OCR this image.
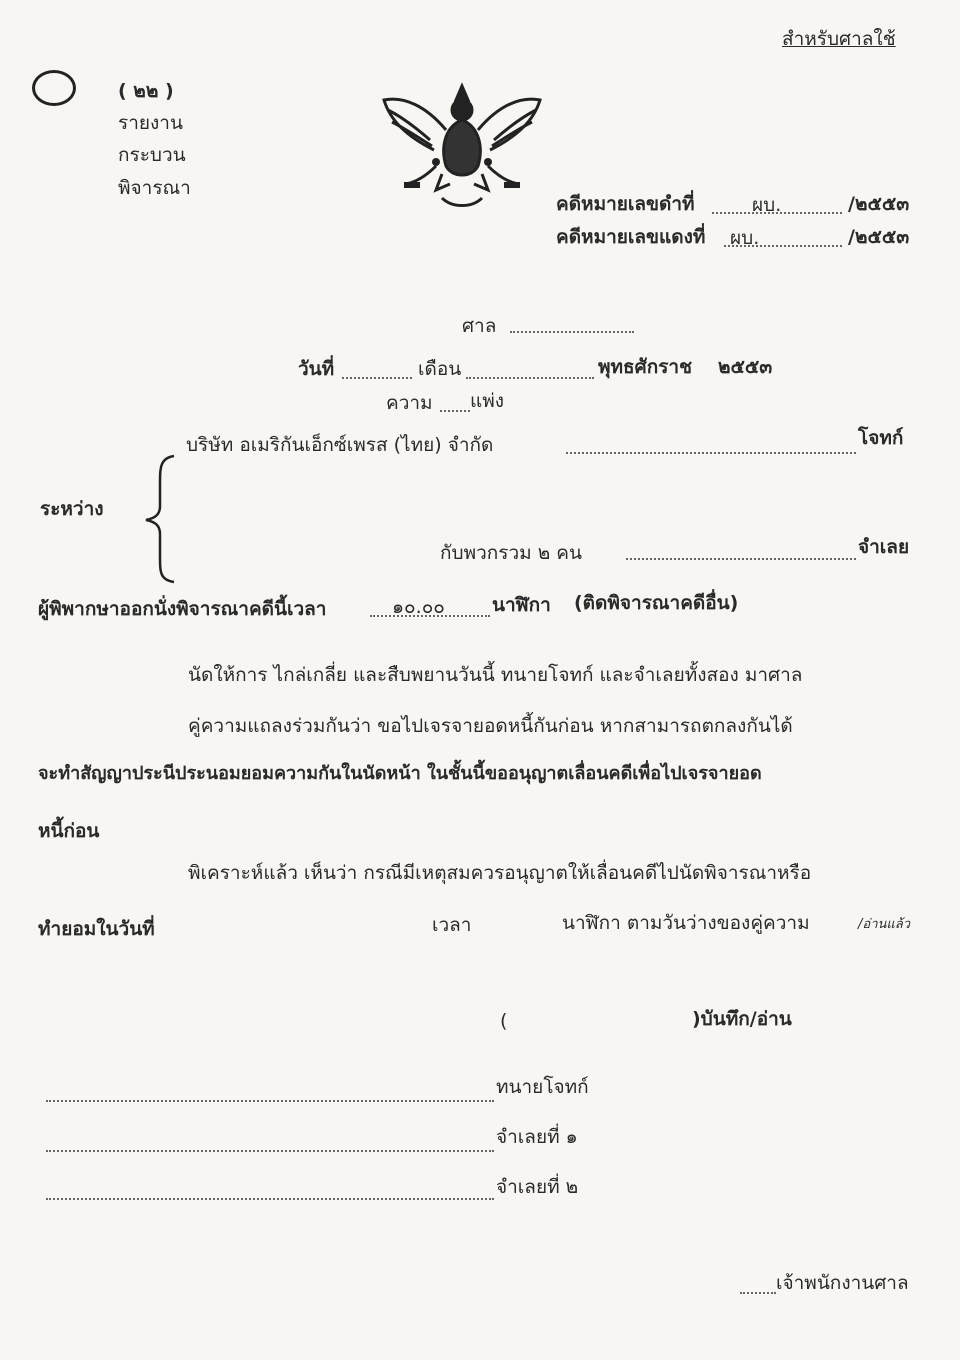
สำหรับศาลใช้
( ๒๒ )
รายงาน
กระบวน
พิจารณา
คดีหมายเลขดำที่	ผบ.	/๒๕๕๓
คดีหมายเลขแดงที่ ผบ.	/๒๕๕๓
ศาล
วันที่	เดือน	พุทธศักราช ๒๕๕๓
ความ แพ่ง
ระหว่าง
บริษัท อเมริกันเอ็กซ์เพรส (ไทย) จำกัด	โจทก์
กับพวกรวม ๒ คน	จำเลย
ผู้พิพากษาออกนั่งพิจารณาคดีนี้เวลา	๑๐.๐๐ นาฬิกา (ติดพิจารณาคดีอื่น)
นัดให้การ ไกล่เกลี่ย และสืบพยานวันนี้ ทนายโจทก์ และจำเลยทั้งสอง มาศาล
คู่ความแถลงร่วมกันว่า ขอไปเจรจายอดหนี้กันก่อน หากสามารถตกลงกันได้
จะทำสัญญาประนีประนอมยอมความกันในนัดหน้า ในชั้นนี้ขออนุญาตเลื่อนคดีเพื่อไปเจรจายอด
หนี้ก่อน
พิเคราะห์แล้ว เห็นว่า กรณีมีเหตุสมควรอนุญาตให้เลื่อนคดีไปนัดพิจารณาหรือ
ทำยอมในวันที่	เวลา	นาฬิกา ตามวันว่างของคู่ความ	/อ่านแล้ว
(	)บันทึก/อ่าน
ทนายโจทก์
จำเลยที่ ๑
จำเลยที่ ๒
เจ้าพนักงานศาล
